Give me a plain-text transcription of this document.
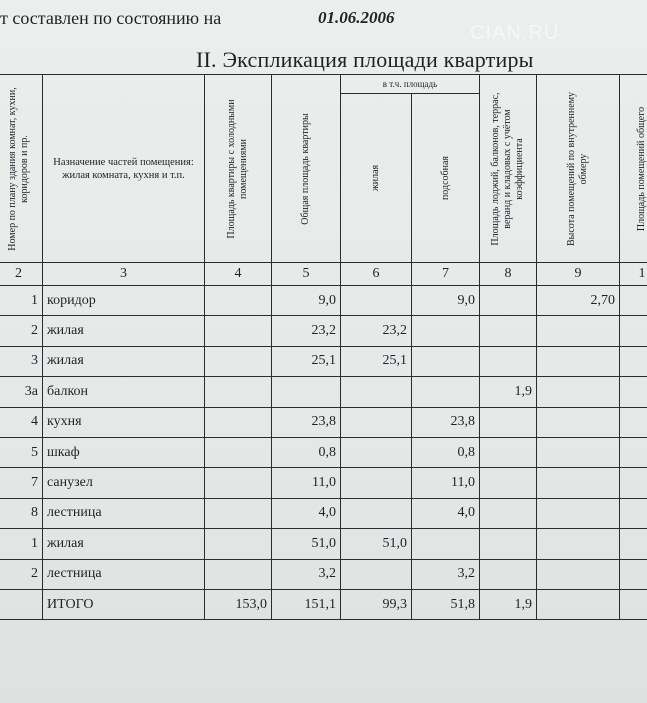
т составлен по состоянию на	01.06.2006
CIAN.RU
II. Экспликация площади квартиры
Номер по плану здания комнат, кухни, коридоров и пр.	Назначение частей помещения: жилая комната, кухня и т.п.	Площадь квартиры с холодными помещениями	Общая площадь квартиры	в т.ч. площадь		Площадь лоджий, балконов, террас, веранд и кладовых с учётом коэффициента	Высота помещений по внутреннему обмеру	Площадь помещений общего

				жилая	подсобная			

2	3	4	5	6	7	8	9	1
1	коридор		9,0		9,0		2,70	
2	жилая		23,2	23,2				
3	жилая		25,1	25,1				
3а	балкон					1,9		
4	кухня		23,8		23,8			
5	шкаф		0,8		0,8			
7	санузел		11,0		11,0			
8	лестница		4,0		4,0			
1	жилая		51,0	51,0				
2	лестница		3,2		3,2			
	ИТОГО	153,0	151,1	99,3	51,8	1,9		
